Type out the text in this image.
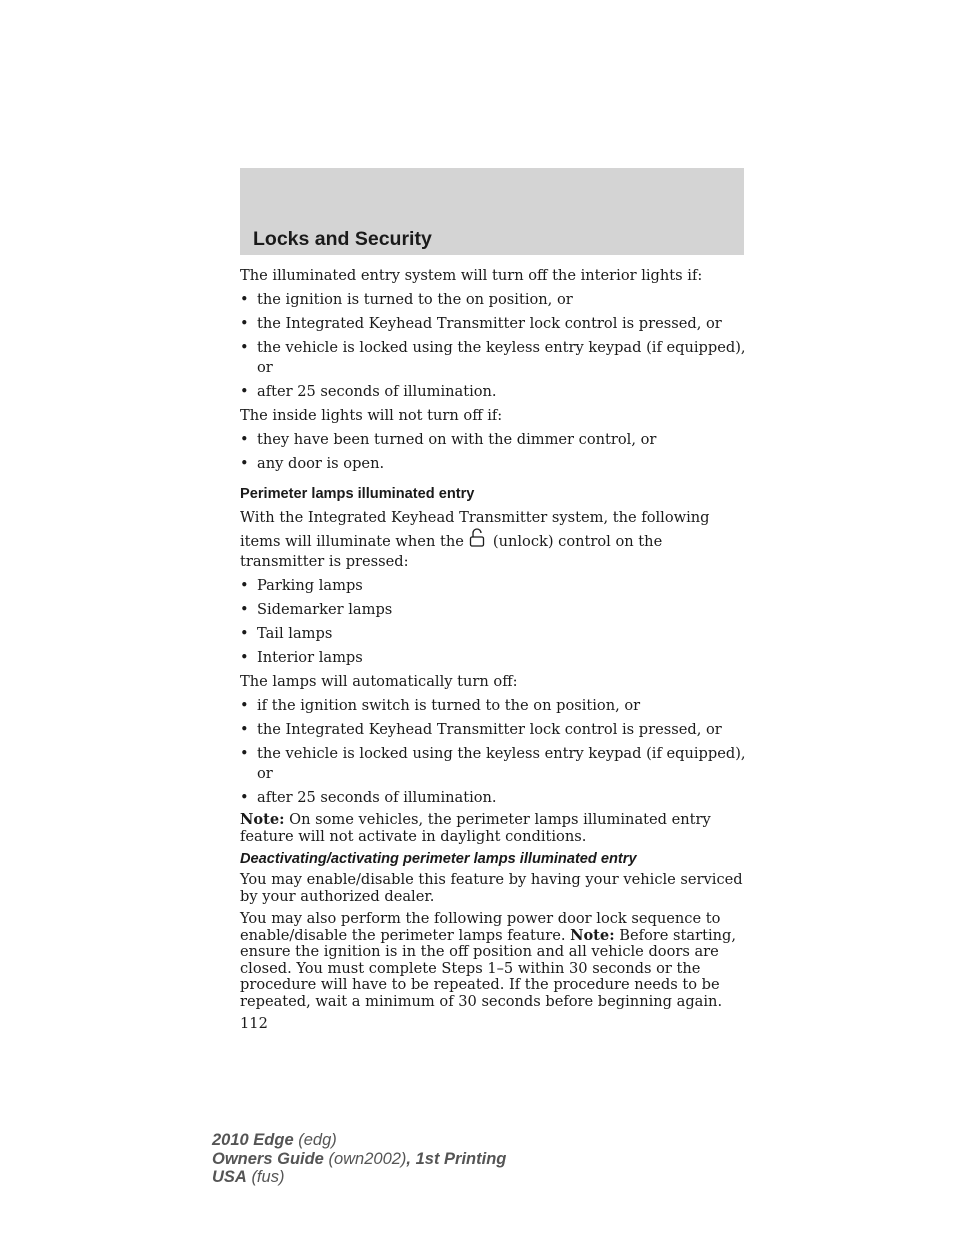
Locks and Security

The illuminated entry system will turn off the interior lights if:

• the ignition is turned to the on position, or
• the Integrated Keyhead Transmitter lock control is pressed, or
• the vehicle is locked using the keyless entry keypad (if equipped), or
• after 25 seconds of illumination.

The inside lights will not turn off if:

• they have been turned on with the dimmer control, or
• any door is open.
Perimeter lamps illuminated entry

With the Integrated Keyhead Transmitter system, the following items will illuminate when the (unlock) control on the transmitter is pressed:

• Parking lamps
• Sidemarker lamps
• Tail lamps
• Interior lamps

The lamps will automatically turn off:

• if the ignition switch is turned to the on position, or
• the Integrated Keyhead Transmitter lock control is pressed, or
• the vehicle is locked using the keyless entry keypad (if equipped), or
• after 25 seconds of illumination.

Note: On some vehicles, the perimeter lamps illuminated entry feature will not activate in daylight conditions.

Deactivating/activating perimeter lamps illuminated entry

You may enable/disable this feature by having your vehicle serviced by your authorized dealer.

You may also perform the following power door lock sequence to enable/disable the perimeter lamps feature. Note: Before starting, ensure the ignition is in the off position and all vehicle doors are closed. You must complete Steps 1–5 within 30 seconds or the procedure will have to be repeated. If the procedure needs to be repeated, wait a minimum of 30 seconds before beginning again.

112
2010 Edge (edg)
Owners Guide (own2002), 1st Printing
USA (fus)
